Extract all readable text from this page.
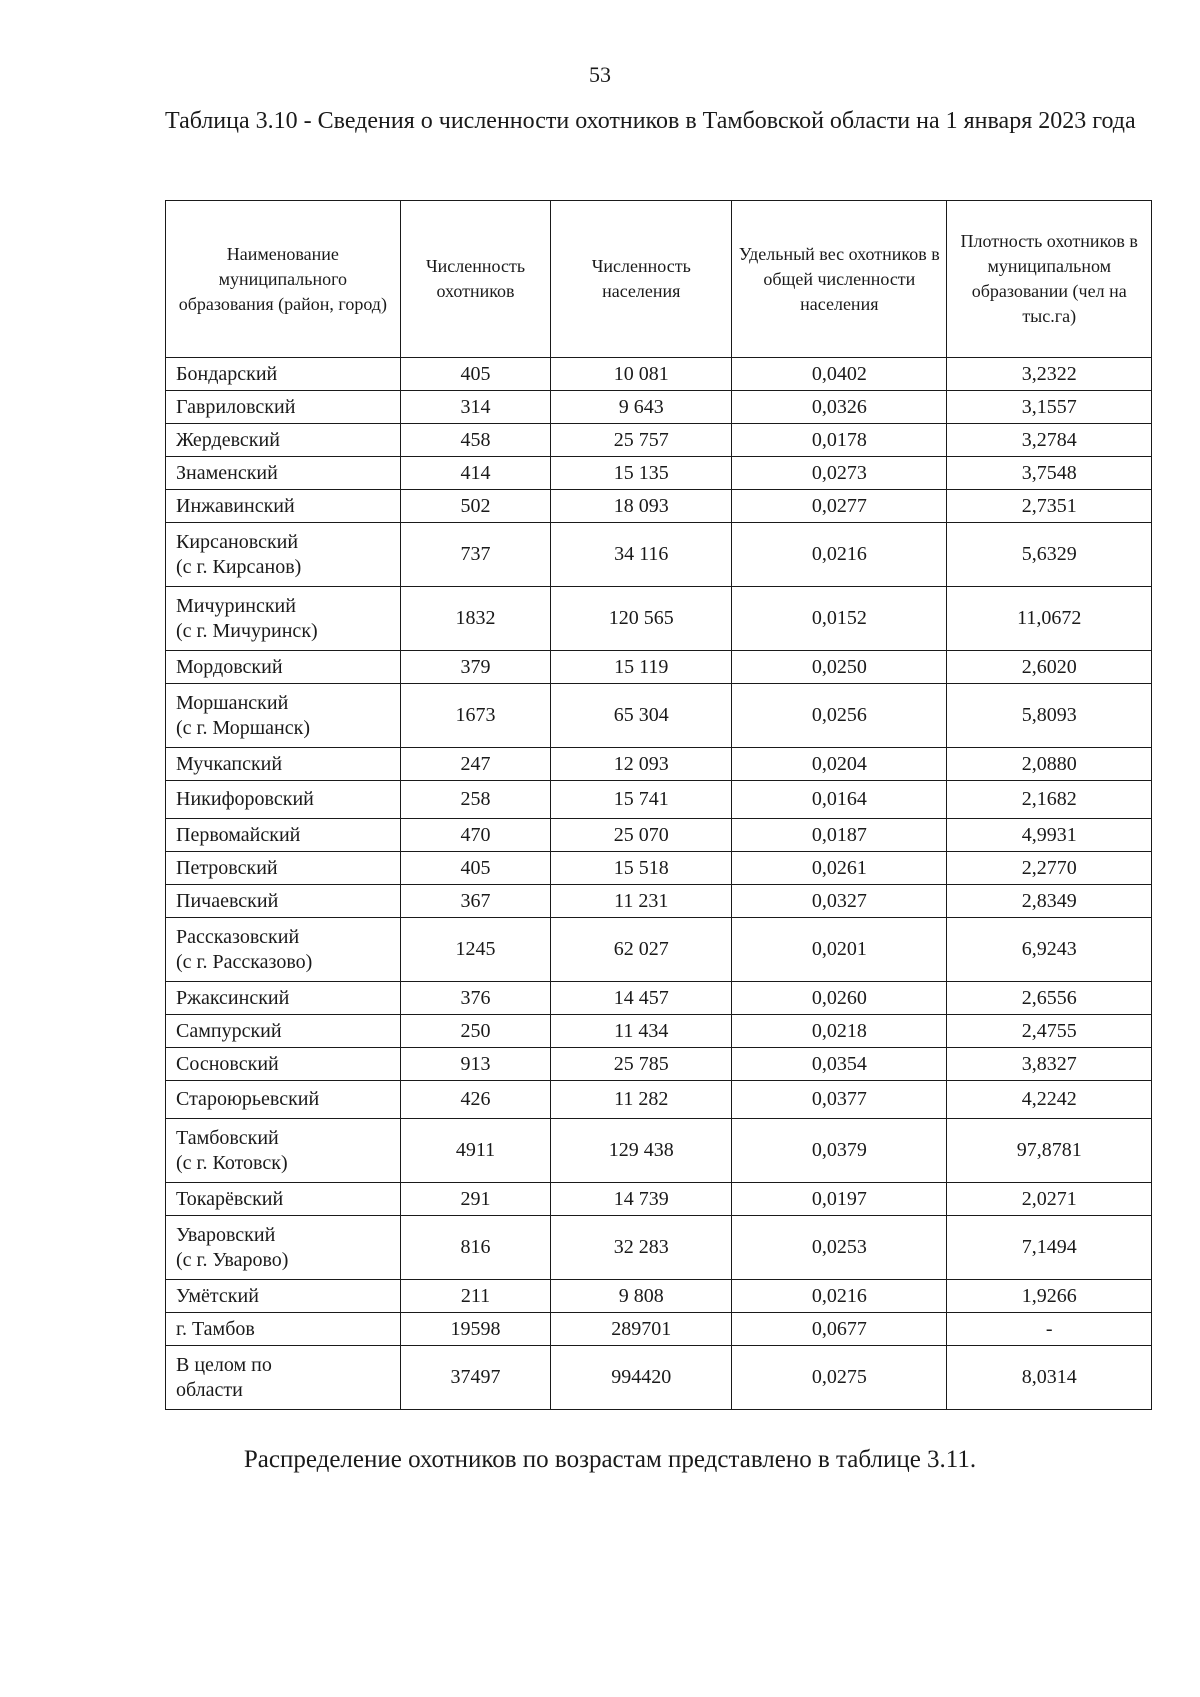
53
Таблица 3.10 - Сведения о численности охотников в Тамбовской области на 1 января 2023 года
Наименование муниципального образования (район, город)	Численность охотников	Численность населения	Удельный вес охотников в общей численности населения	Плотность охотников в муниципальном образовании (чел на тыс.га)

Бондарский	405	10 081	0,0402	3,2322

Гавриловский	314	9 643	0,0326	3,1557

Жердевский	458	25 757	0,0178	3,2784

Знаменский	414	15 135	0,0273	3,7548

Инжавинский	502	18 093	0,0277	2,7351

Кирсановский
(с г. Кирсанов)	737	34 116	0,0216	5,6329

Мичуринский
(с г. Мичуринск)	1832	120 565	0,0152	11,0672

Мордовский	379	15 119	0,0250	2,6020

Моршанский
(с г. Моршанск)	1673	65 304	0,0256	5,8093

Мучкапский	247	12 093	0,0204	2,0880

Никифоровский	258	15 741	0,0164	2,1682

Первомайский	470	25 070	0,0187	4,9931

Петровский	405	15 518	0,0261	2,2770

Пичаевский	367	11 231	0,0327	2,8349

Рассказовский
(с г. Рассказово)	1245	62 027	0,0201	6,9243

Ржаксинский	376	14 457	0,0260	2,6556

Сампурский	250	11 434	0,0218	2,4755

Сосновский	913	25 785	0,0354	3,8327

Староюрьевский	426	11 282	0,0377	4,2242

Тамбовский
(с г. Котовск)	4911	129 438	0,0379	97,8781

Токарёвский	291	14 739	0,0197	2,0271

Уваровский
(с г. Уварово)	816	32 283	0,0253	7,1494

Умётский	211	9 808	0,0216	1,9266

г. Тамбов	19598	289701	0,0677	-

В целом по
области	37497	994420	0,0275	8,0314
Распределение охотников по возрастам представлено в таблице 3.11.
